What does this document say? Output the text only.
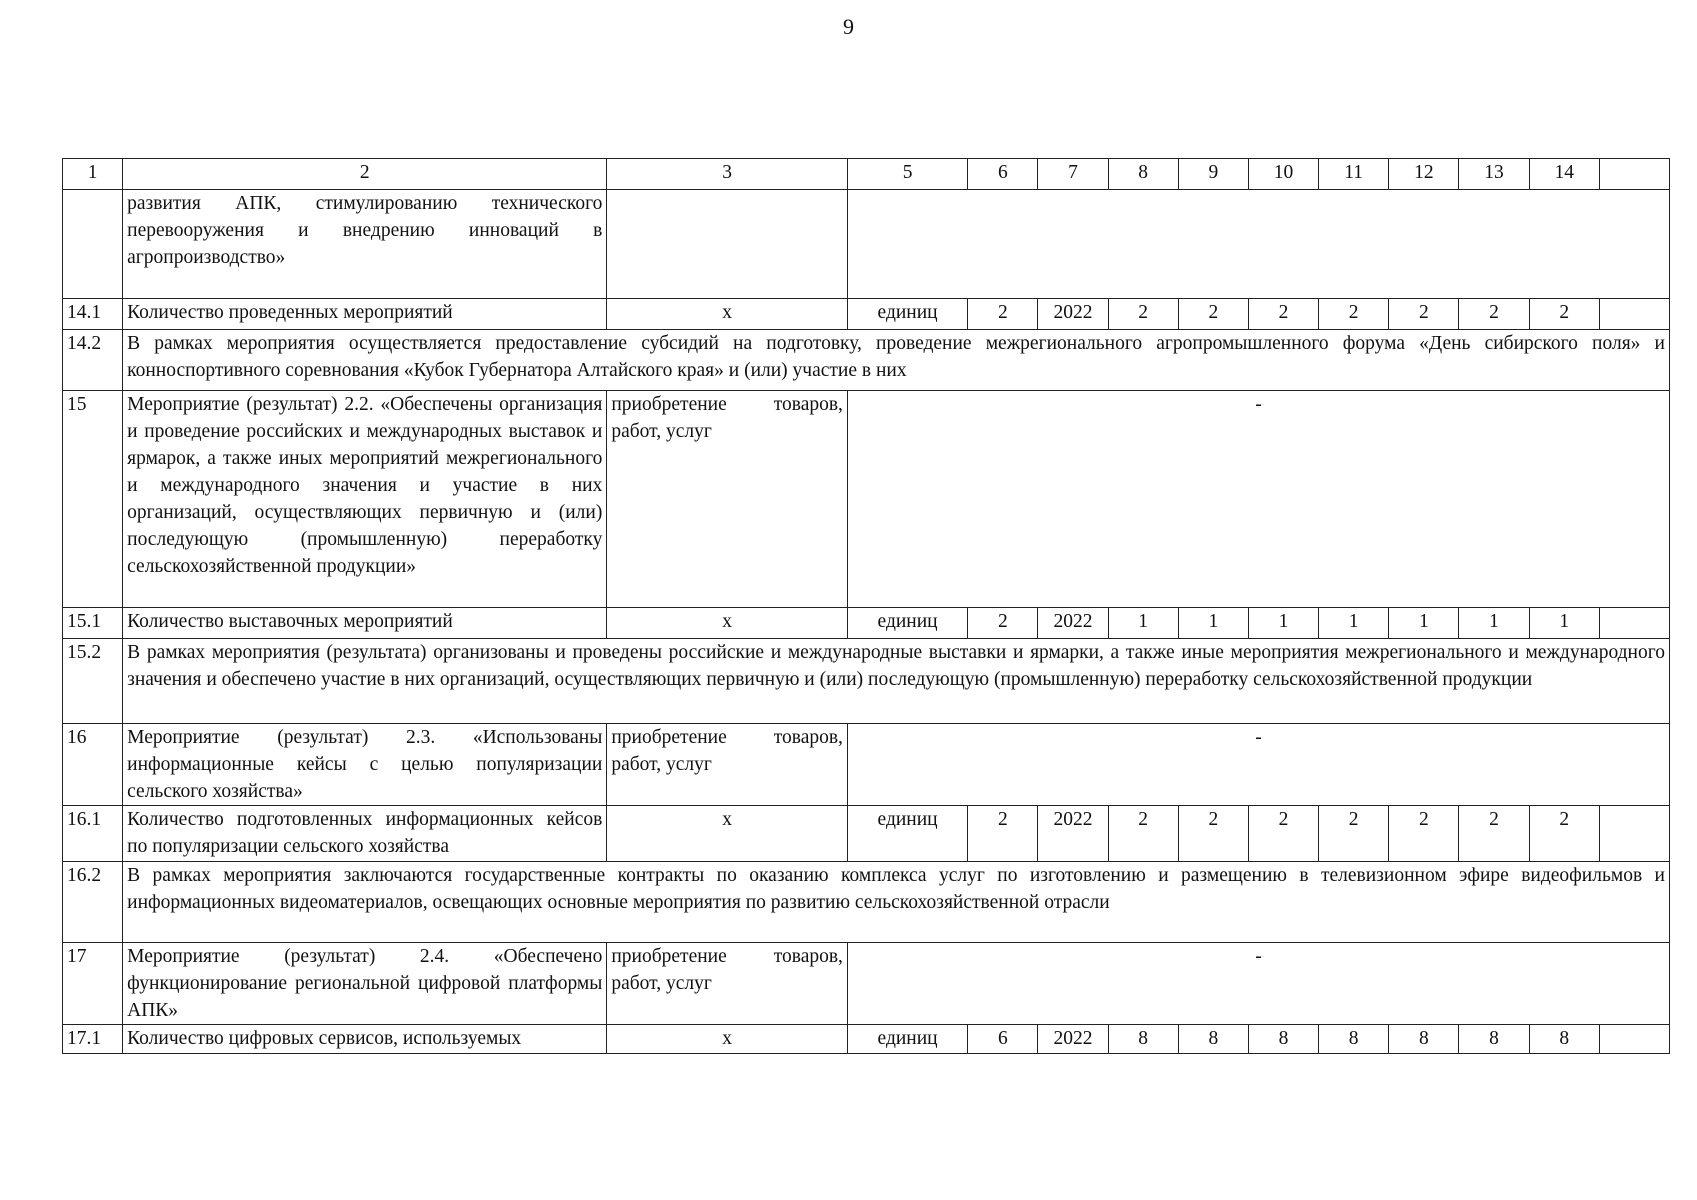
9
1	2	3	5	6	7	8	9	10	11	12	13	14	
	развития АПК, стимулированию технического перевооружения и внедрению инноваций в агропроизводство»												
14.1	Количество проведенных мероприятий	х	единиц	2	2022	2	2	2	2	2	2	2	
14.2	В рамках мероприятия осуществляется предоставление субсидий на подготовку, проведение межрегионального агропромышленного форума «День сибирского поля» и конноспортивного соревнования «Кубок Губернатора Алтайского края» и (или) участие в них												
15	Мероприятие (результат) 2.2. «Обеспечены организация и проведение российских и международных выставок и ярмарок, а также иных мероприятий межрегионального и международного значения и участие в них организаций, осуществляющих первичную и (или) последующую (промышленную) переработку сельскохозяйственной продукции»	приобретение товаров, работ, услуг	-										
15.1	Количество выставочных мероприятий	х	единиц	2	2022	1	1	1	1	1	1	1	
15.2	В рамках мероприятия (результата) организованы и проведены российские и международные выставки и ярмарки, а также иные мероприятия межрегионального и международного значения и обеспечено участие в них организаций, осуществляющих первичную и (или) последующую (промышленную) переработку сельскохозяйственной продукции												
16	Мероприятие (результат) 2.3. «Использованы информационные кейсы с целью популяризации сельского хозяйства»	приобретение товаров, работ, услуг	-										
16.1	Количество подготовленных информационных кейсов по популяризации сельского хозяйства	х	единиц	2	2022	2	2	2	2	2	2	2	
16.2	В рамках мероприятия заключаются государственные контракты по оказанию комплекса услуг по изготовлению и размещению в телевизионном эфире видеофильмов и информационных видеоматериалов, освещающих основные мероприятия по развитию сельскохозяйственной отрасли												
17	Мероприятие (результат) 2.4. «Обеспечено функционирование региональной цифровой платформы АПК»	приобретение товаров, работ, услуг	-										
17.1	Количество цифровых сервисов, используемых	х	единиц	6	2022	8	8	8	8	8	8	8	
